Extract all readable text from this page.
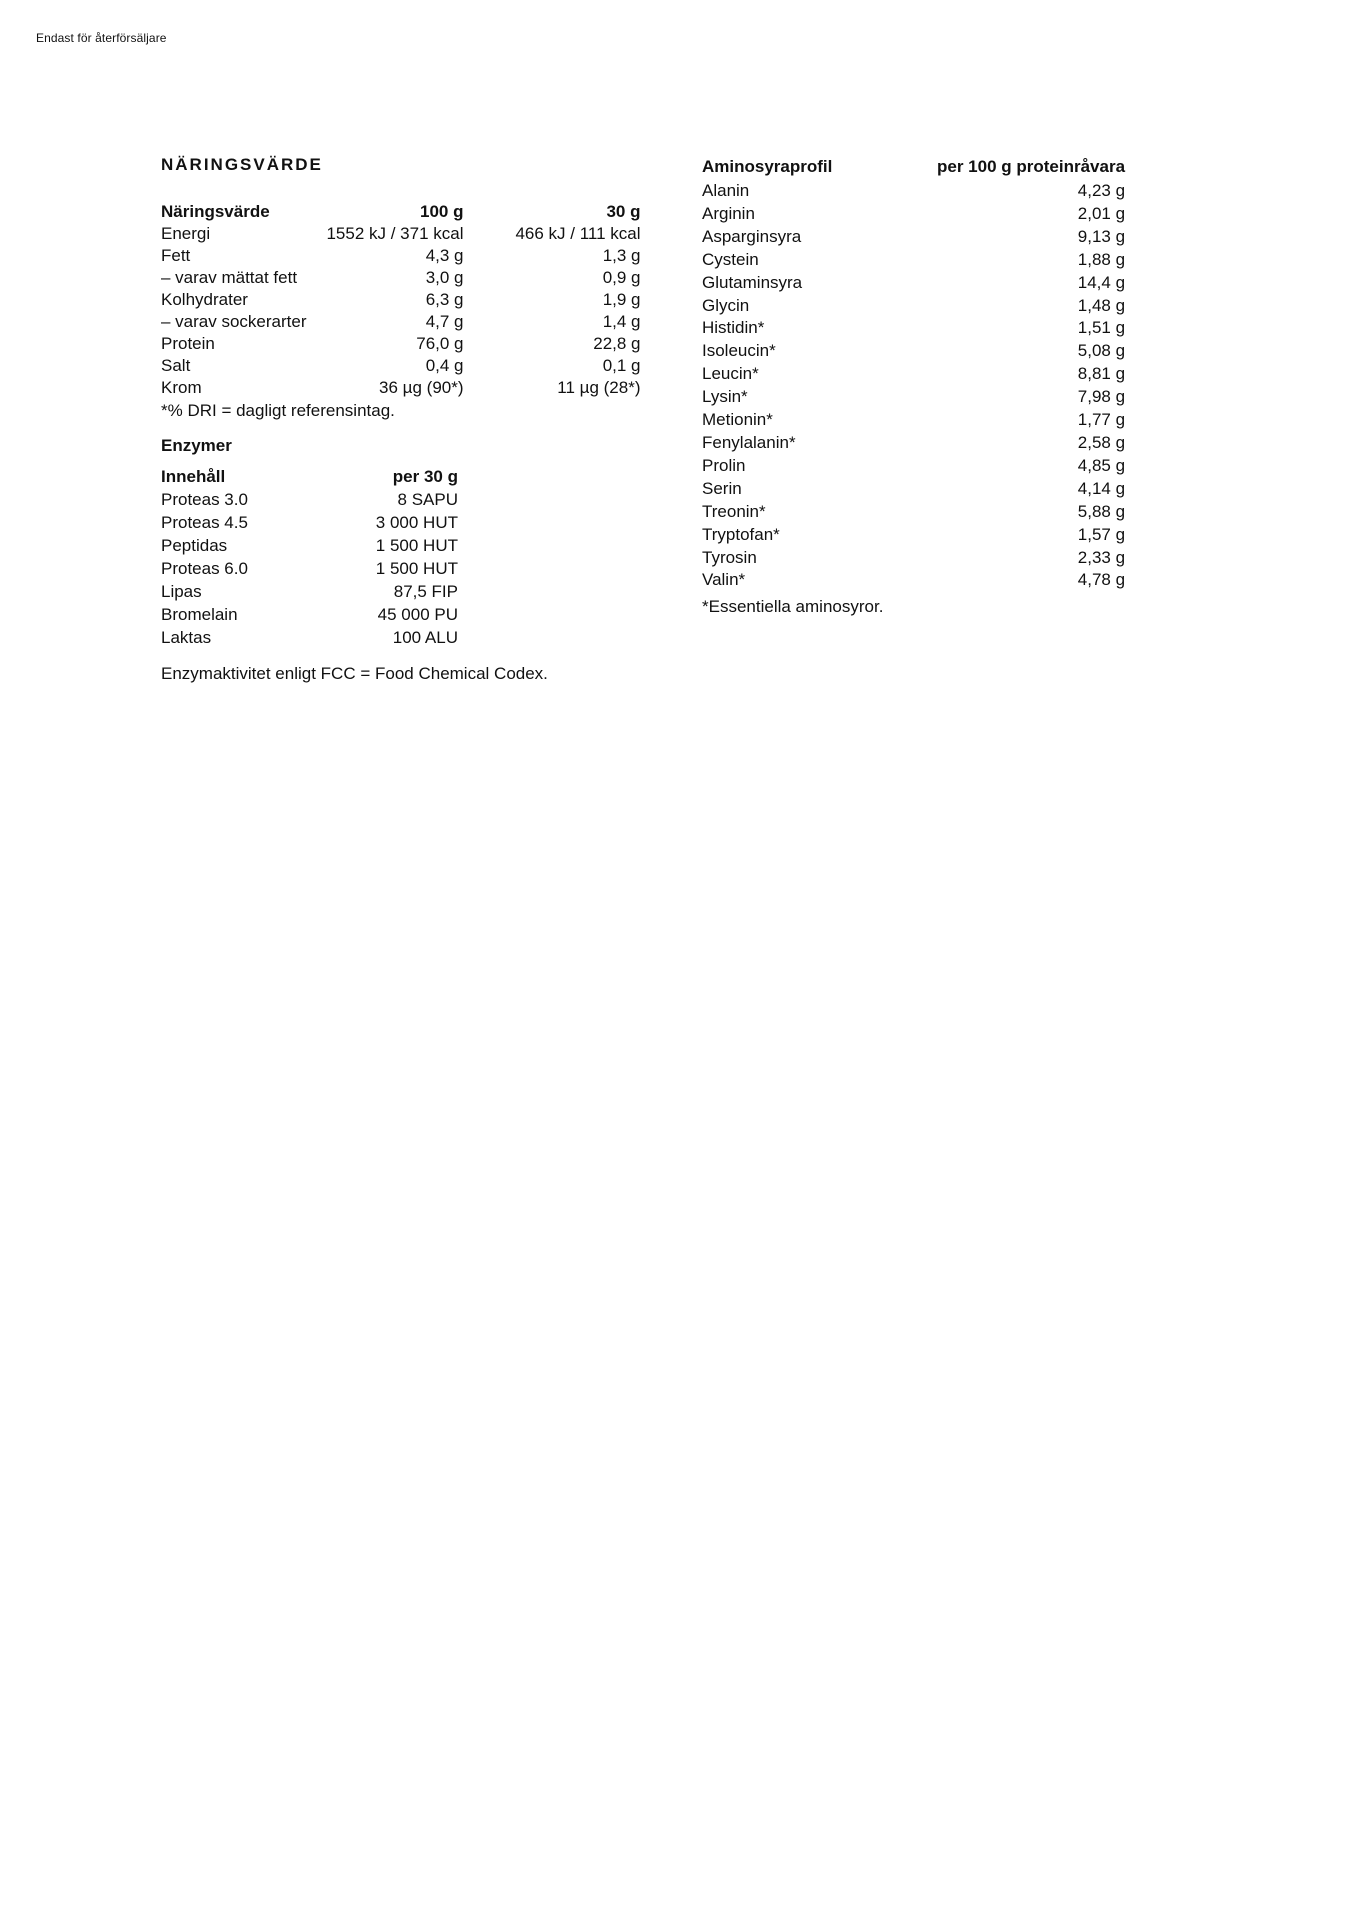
Endast för återförsäljare
NÄRINGSVÄRDE
Näringsvärde	100 g	30 g
Energi	1552 kJ / 371 kcal	466 kJ / 111 kcal
Fett	4,3 g	1,3 g
– varav mättat fett	3,0 g	0,9 g
Kolhydrater	6,3 g	1,9 g
– varav sockerarter	4,7 g	1,4 g
Protein	76,0 g	22,8 g
Salt	0,4 g	0,1 g
Krom	36 µg (90*)	11 µg (28*)
*% DRI = dagligt referensintag.
Enzymer
Innehåll	per 30 g
Proteas 3.0	8 SAPU
Proteas 4.5	3 000 HUT
Peptidas	1 500 HUT
Proteas 6.0	1 500 HUT
Lipas	87,5 FIP
Bromelain	45 000 PU
Laktas	100 ALU
Enzymaktivitet enligt FCC = Food Chemical Codex.
Aminosyraprofil	per 100 g proteinråvara
Alanin	4,23 g
Arginin	2,01 g
Asparginsyra	9,13 g
Cystein	1,88 g
Glutaminsyra	14,4 g
Glycin	1,48 g
Histidin*	1,51 g
Isoleucin*	5,08 g
Leucin*	8,81 g
Lysin*	7,98 g
Metionin*	1,77 g
Fenylalanin*	2,58 g
Prolin	4,85 g
Serin	4,14 g
Treonin*	5,88 g
Tryptofan*	1,57 g
Tyrosin	2,33 g
Valin*	4,78 g
*Essentiella aminosyror.
